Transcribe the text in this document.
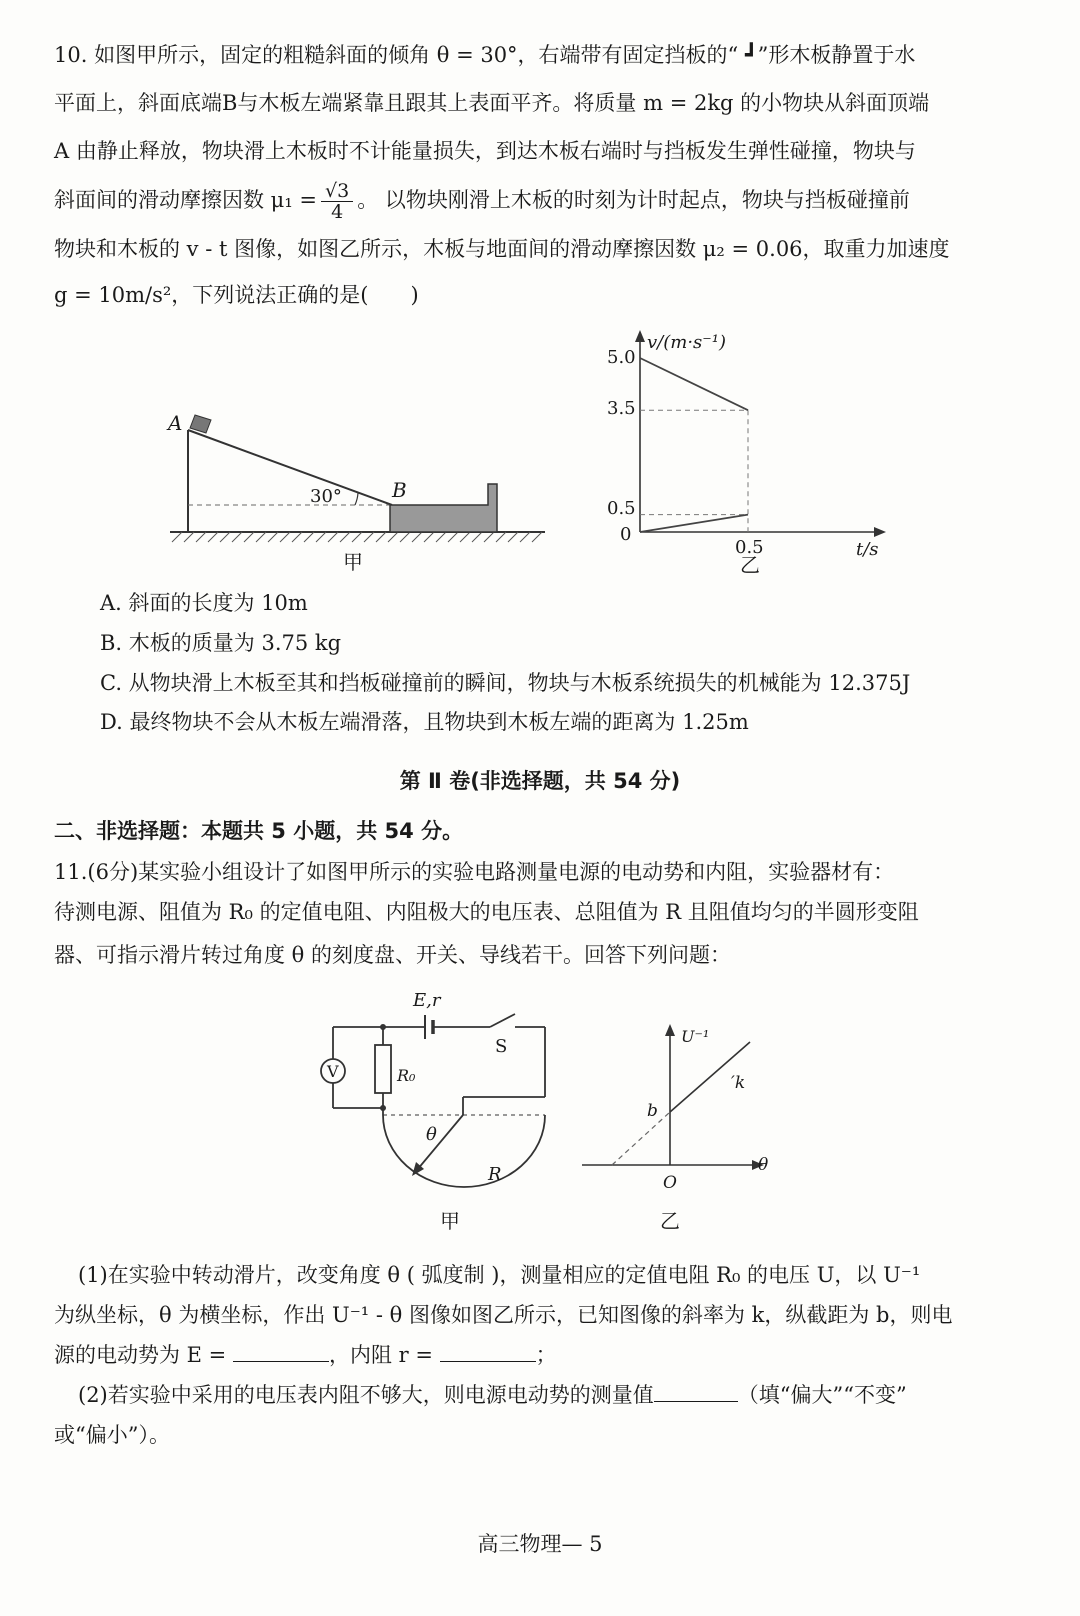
10. 如图甲所示，固定的粗糙斜面的倾角 θ = 30°，右端带有固定挡板的“ ┛”形木板静置于水
平面上，斜面底端B与木板左端紧靠且跟其上表面平齐。将质量 m = 2kg 的小物块从斜面顶端
A 由静止释放，物块滑上木板时不计能量损失，到达木板右端时与挡板发生弹性碰撞，物块与
斜面间的滑动摩擦因数 $\mu_1 = \frac{√3}{4}$ 。 以物块刚滑上木板的时刻为计时起点，物块与挡板碰撞前
物块和木板的 v - t 图像，如图乙所示，木板与地面间的滑动摩擦因数 μ₂ = 0.06，取重力加速度
g = 10m/s²，下列说法正确的是(　　)
A
B
30°
甲
v/(m·s⁻¹)
t/s
0
5.0
3.5
0.5
0.5
乙
A. 斜面的长度为 10m
B. 木板的质量为 3.75 kg
C. 从物块滑上木板至其和挡板碰撞前的瞬间，物块与木板系统损失的机械能为 12.375J
D. 最终物块不会从木板左端滑落，且物块到木板左端的距离为 1.25m
第 Ⅱ 卷(非选择题，共 54 分)
二、非选择题：本题共 5 小题，共 54 分。
11.(6分)某实验小组设计了如图甲所示的实验电路测量电源的电动势和内阻，实验器材有：
待测电源、阻值为 R₀ 的定值电阻、内阻极大的电压表、总阻值为 R 且阻值均匀的半圆形变阻
器、可指示滑片转过角度 θ 的刻度盘、开关、导线若干。回答下列问题：
E,r
S
V	R₀
θ
R
甲
U⁻¹
θ
O
b
′k
乙
(1)在实验中转动滑片，改变角度 θ ( 弧度制 )，测量相应的定值电阻 R₀ 的电压 U，以 U⁻¹
为纵坐标，θ 为横坐标，作出 U⁻¹ - θ 图像如图乙所示，已知图像的斜率为 k，纵截距为 b，则电
源的电动势为 E =	，内阻 r =	；
(2)若实验中采用的电压表内阻不够大，则电源电动势的测量值	（填“偏大”“不变”
或“偏小”）。
高三物理— 5
